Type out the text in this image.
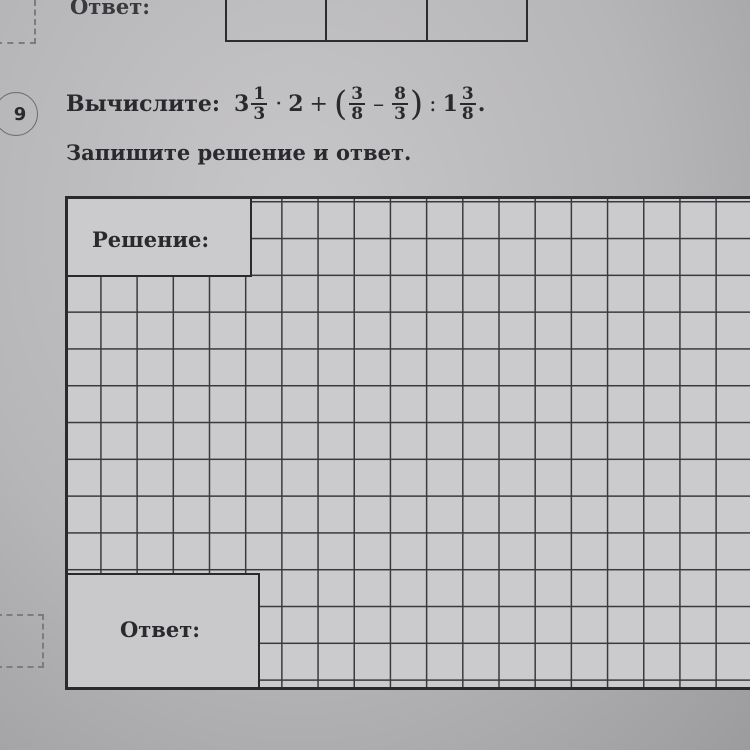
Ответ:
9	Вычислите: $3 \frac{1}{3} \cdot 2$ + ( $\frac{3}{8} - \frac{8}{3}$ ) : $1 \frac{3}{8}$ .
Запишите решение и ответ.
Решение:
Ответ:
